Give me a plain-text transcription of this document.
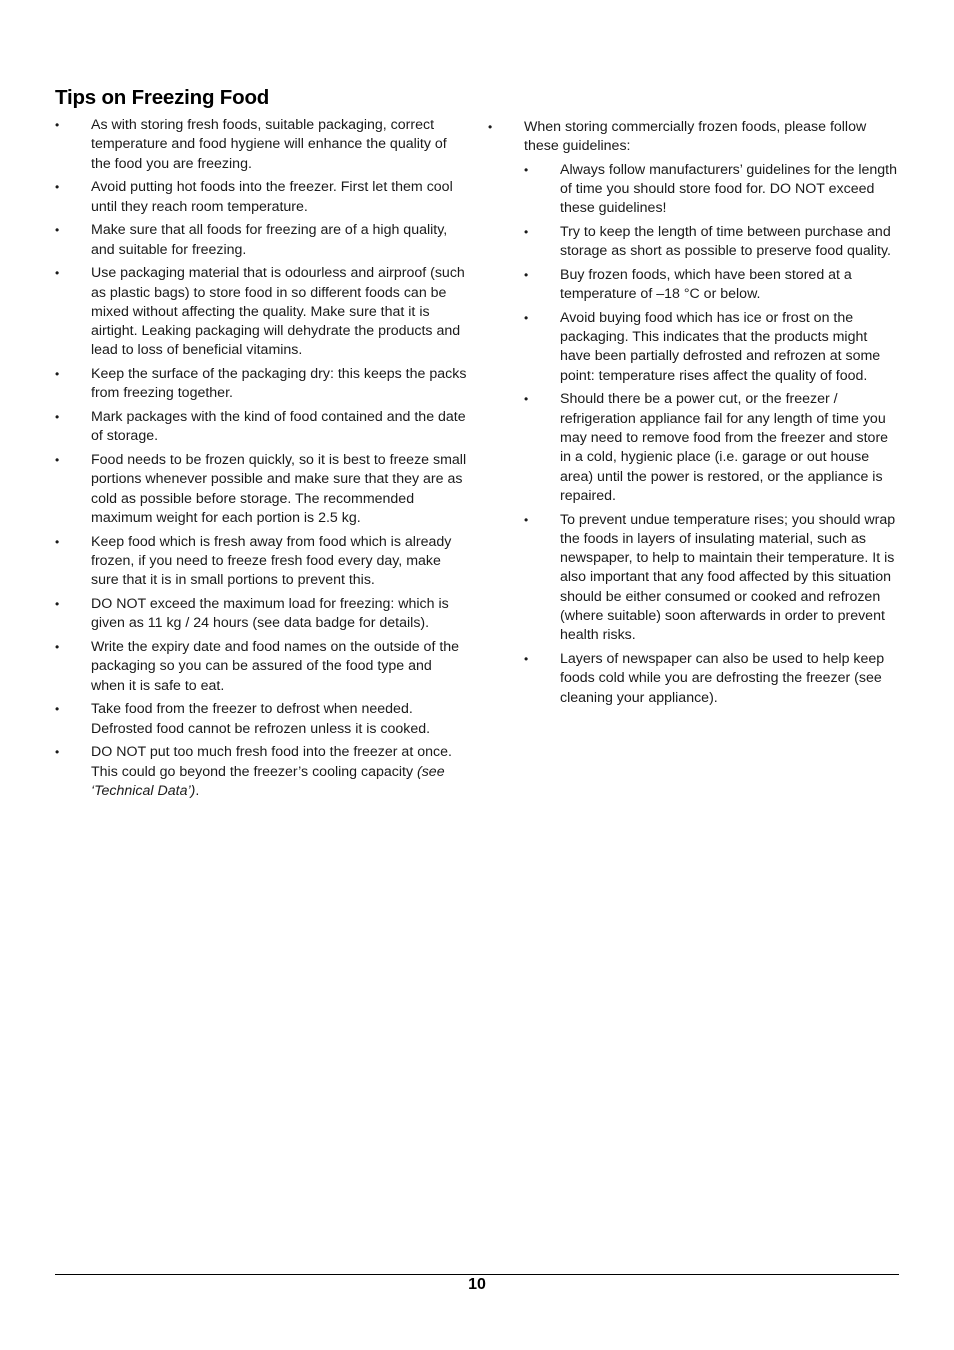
Tips on Freezing Food
• As with storing fresh foods, suitable packaging, correct temperature and food hygiene will enhance the quality of the food you are freezing.
• Avoid putting hot foods into the freezer. First let them cool until they reach room temperature.
• Make sure that all foods for freezing are of a high quality, and suitable for freezing.
• Use packaging material that is odourless and airproof (such as plastic bags) to store food in so different foods can be mixed without affecting the quality. Make sure that it is airtight. Leaking packaging will dehydrate the products and lead to loss of beneficial vitamins.
• Keep the surface of the packaging dry: this keeps the packs from freezing together.
• Mark packages with the kind of food contained and the date of storage.
• Food needs to be frozen quickly, so it is best to freeze small portions whenever possible and make sure that they are as cold as possible before storage. The recommended maximum weight for each portion is 2.5 kg.
• Keep food which is fresh away from food which is already frozen, if you need to freeze fresh food every day, make sure that it is in small portions to prevent this.
• DO NOT exceed the maximum load for freezing: which is given as 11 kg / 24 hours (see data badge for details).
• Write the expiry date and food names on the outside of the packaging so you can be assured of the food type and when it is safe to eat.
• Take food from the freezer to defrost when needed. Defrosted food cannot be refrozen unless it is cooked.
• DO NOT put too much fresh food into the freezer at once. This could go beyond the freezer’s cooling capacity (see ‘Technical Data’).
• When storing commercially frozen foods, please follow these guidelines:
• Always follow manufacturers’ guidelines for the length of time you should store food for. DO NOT exceed these guidelines!
• Try to keep the length of time between purchase and storage as short as possible to preserve food quality.
• Buy frozen foods, which have been stored at a temperature of –18 °C or below.
• Avoid buying food which has ice or frost on the packaging. This indicates that the products might have been partially defrosted and refrozen at some point: temperature rises affect the quality of food.
• Should there be a power cut, or the freezer / refrigeration appliance fail for any length of time you may need to remove food from the freezer and store in a cold, hygienic place (i.e. garage or out house area) until the power is restored, or the appliance is repaired.
• To prevent undue temperature rises; you should wrap the foods in layers of insulating material, such as newspaper, to help to maintain their temperature. It is also important that any food affected by this situation should be either consumed or cooked and refrozen (where suitable) soon afterwards in order to prevent health risks.
• Layers of newspaper can also be used to help keep foods cold while you are defrosting the freezer (see cleaning your appliance).
10
